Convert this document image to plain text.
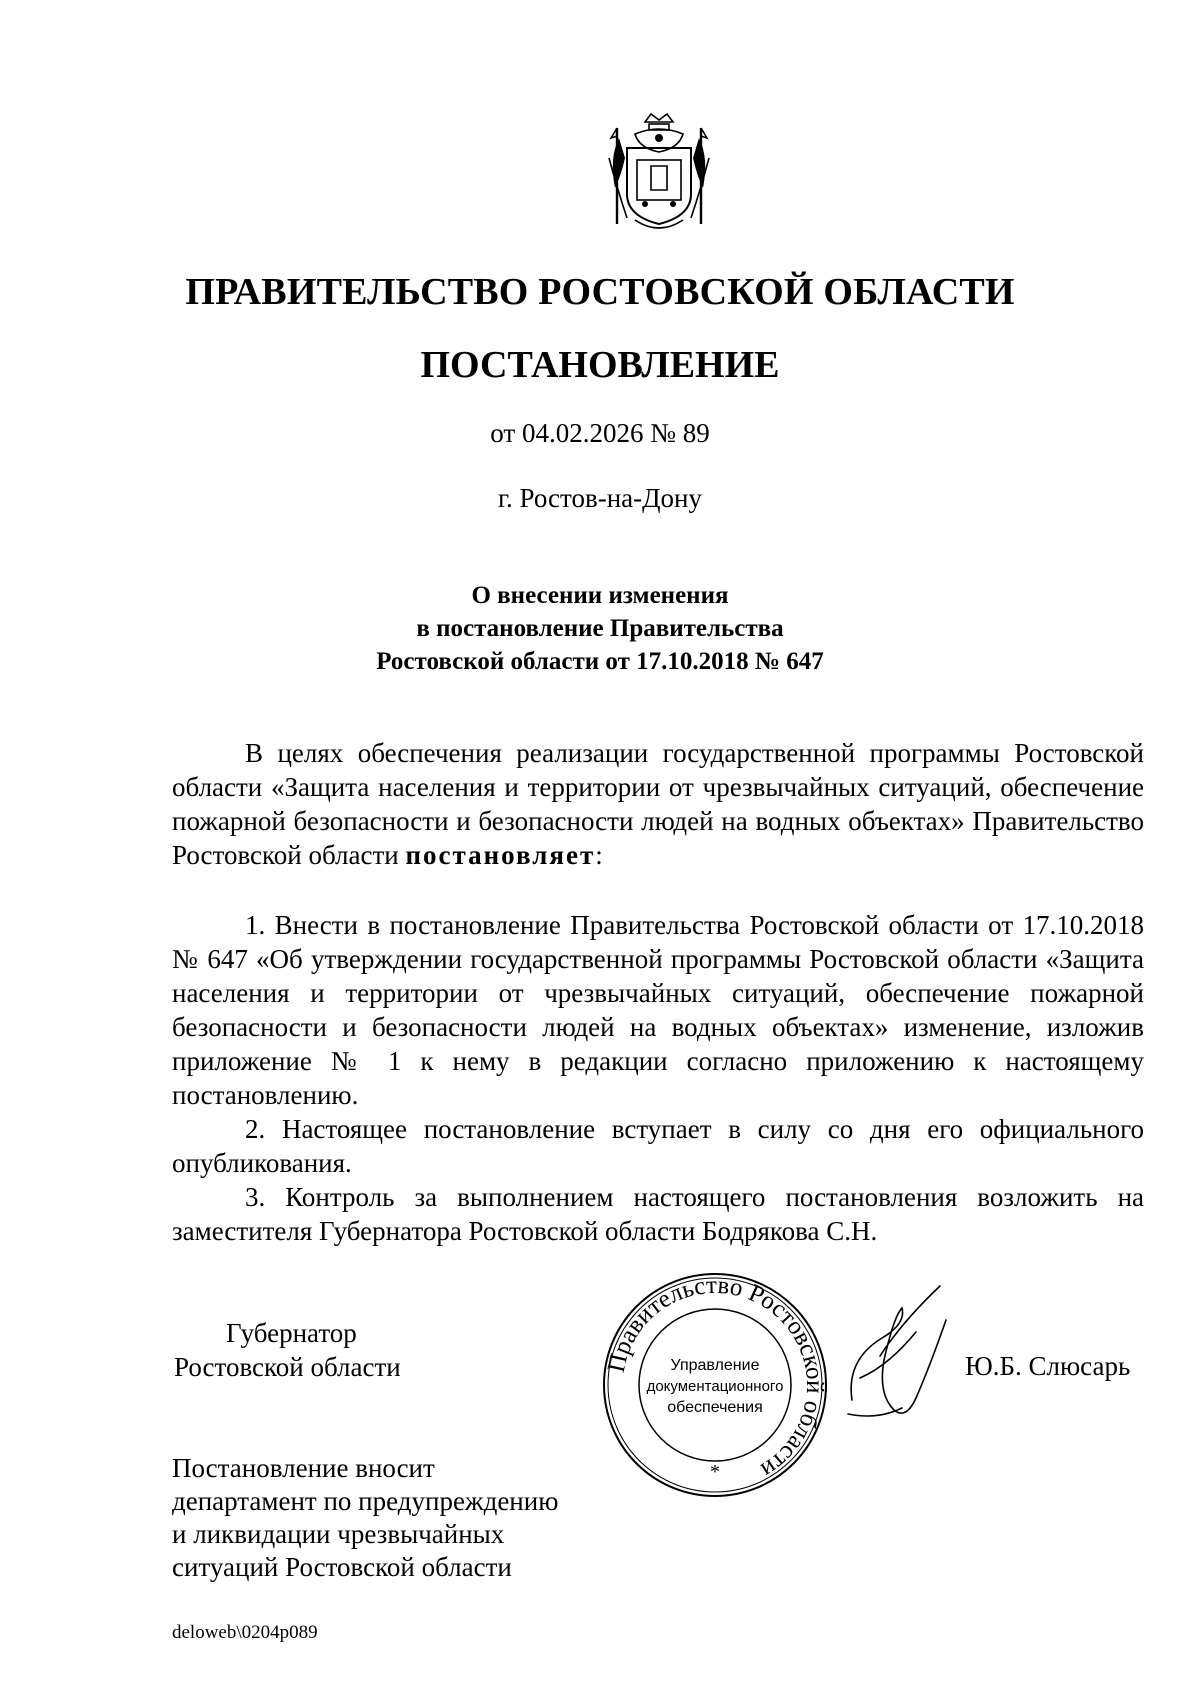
ПРАВИТЕЛЬСТВО РОСТОВСКОЙ ОБЛАСТИ
ПОСТАНОВЛЕНИЕ
от 04.02.2026 № 89
г. Ростов-на-Дону
О внесении изменения
в постановление Правительства
Ростовской области от 17.10.2018 № 647

В целях обеспечения реализации государственной программы Ростовской области «Защита населения и территории от чрезвычайных ситуаций, обеспечение пожарной безопасности и безопасности людей на водных объектах» Правительство Ростовской области постановляет:

1. Внести в постановление Правительства Ростовской области от 17.10.2018 № 647 «Об утверждении государственной программы Ростовской области «Защита населения и территории от чрезвычайных ситуаций, обеспечение пожарной безопасности и безопасности людей на водных объектах» изменение, изложив приложение № 1 к нему в редакции согласно приложению к настоящему постановлению.

2. Настоящее постановление вступает в силу со дня его официального опубликования.

3. Контроль за выполнением настоящего постановления возложить на заместителя Губернатора Ростовской области Бодрякова С.Н.

Губернатор
Ростовской области	Правительство Ростовской области
Управление
документационного
обеспечения
*
Ю.Б. Слюсарь
Постановление вносит
департамент по предупреждению
и ликвидации чрезвычайных
ситуаций Ростовской области
deloweb\0204p089
